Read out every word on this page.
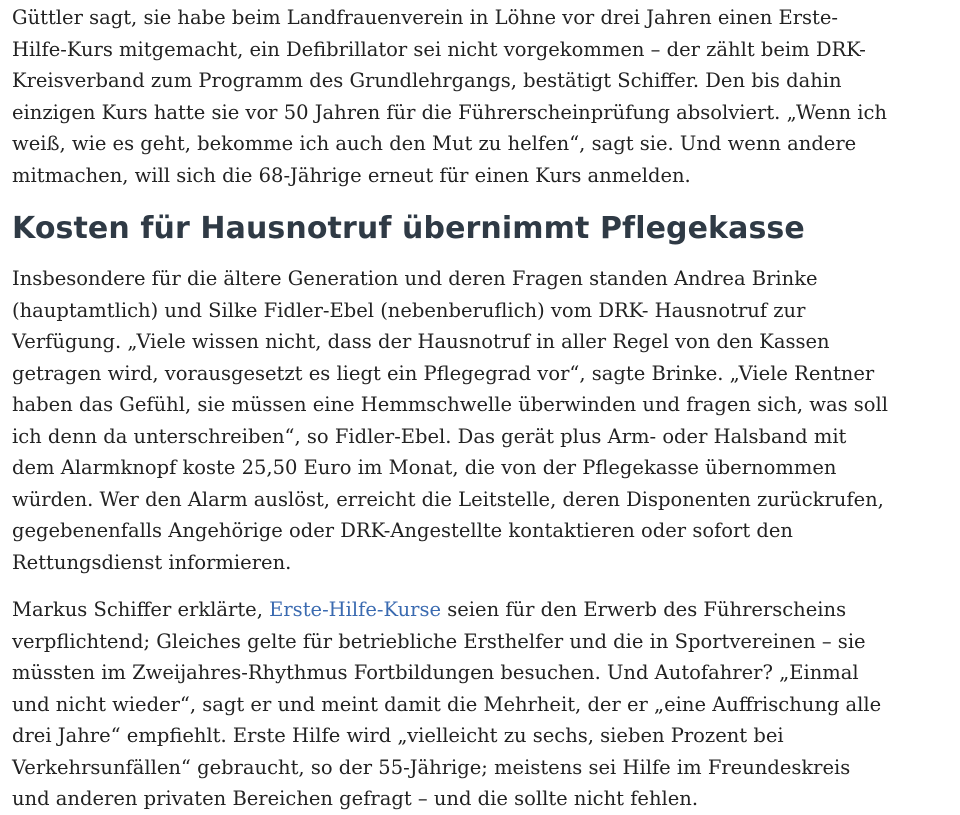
Güttler sagt, sie habe beim Landfrauenverein in Löhne vor drei Jahren einen Erste-Hilfe-Kurs mitgemacht, ein Defibrillator sei nicht vorgekommen – der zählt beim DRK-Kreisverband zum Programm des Grundlehrgangs, bestätigt Schiffer. Den bis dahin einzigen Kurs hatte sie vor 50 Jahren für die Führerscheinprüfung absolviert. „Wenn ich weiß, wie es geht, bekomme ich auch den Mut zu helfen“, sagt sie. Und wenn andere mitmachen, will sich die 68-Jährige erneut für einen Kurs anmelden.

Kosten für Hausnotruf übernimmt Pflegekasse

Insbesondere für die ältere Generation und deren Fragen standen Andrea Brinke (hauptamtlich) und Silke Fidler-Ebel (nebenberuflich) vom DRK- Hausnotruf zur Verfügung. „Viele wissen nicht, dass der Hausnotruf in aller Regel von den Kassen getragen wird, vorausgesetzt es liegt ein Pflegegrad vor“, sagte Brinke. „Viele Rentner haben das Gefühl, sie müssen eine Hemmschwelle überwinden und fragen sich, was soll ich denn da unterschreiben“, so Fidler-Ebel. Das gerät plus Arm- oder Halsband mit dem Alarmknopf koste 25,50 Euro im Monat, die von der Pflegekasse übernommen würden. Wer den Alarm auslöst, erreicht die Leitstelle, deren Disponenten zurückrufen, gegebenenfalls Angehörige oder DRK-Angestellte kontaktieren oder sofort den Rettungsdienst informieren.

Markus Schiffer erklärte, Erste-Hilfe-Kurse seien für den Erwerb des Führerscheins verpflichtend; Gleiches gelte für betriebliche Ersthelfer und die in Sportvereinen – sie müssten im Zweijahres-Rhythmus Fortbildungen besuchen. Und Autofahrer? „Einmal und nicht wieder“, sagt er und meint damit die Mehrheit, der er „eine Auffrischung alle drei Jahre“ empfiehlt. Erste Hilfe wird „vielleicht zu sechs, sieben Prozent bei Verkehrsunfällen“ gebraucht, so der 55-Jährige; meistens sei Hilfe im Freundeskreis und anderen privaten Bereichen gefragt – und die sollte nicht fehlen.
